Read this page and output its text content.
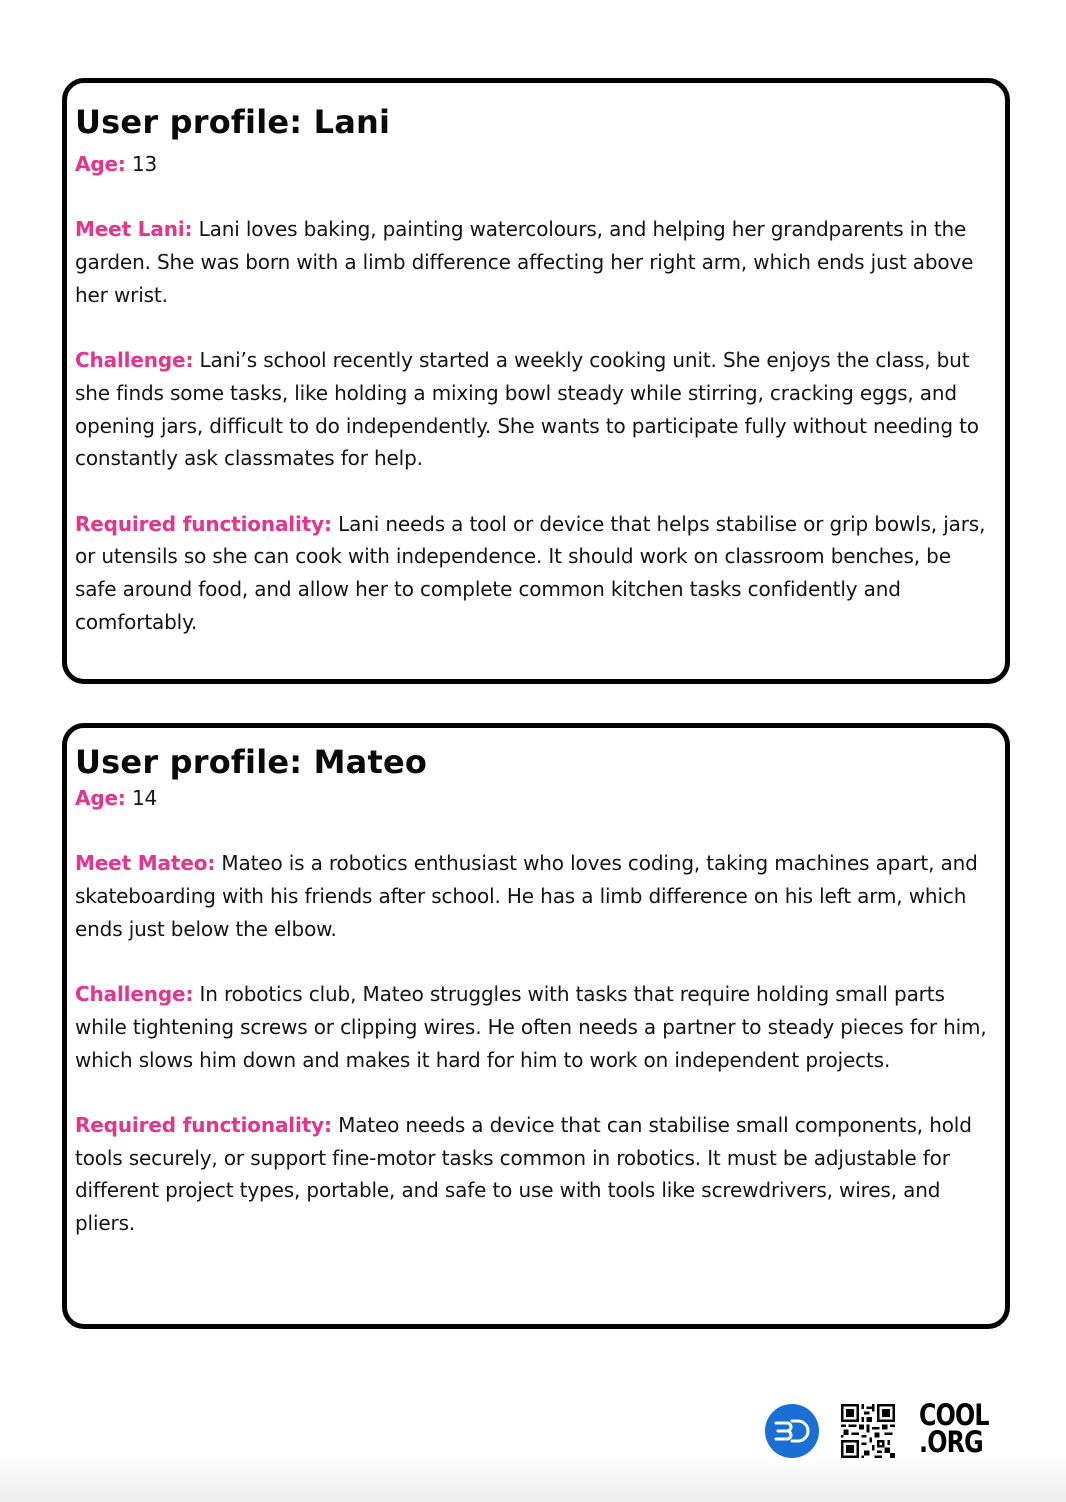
User profile: Lani

Age: 13

Meet Lani: Lani loves baking, painting watercolours, and helping her grandparents in the garden. She was born with a limb difference affecting her right arm, which ends just above her wrist.

Challenge: Lani’s school recently started a weekly cooking unit. She enjoys the class, but she finds some tasks, like holding a mixing bowl steady while stirring, cracking eggs, and opening jars, difficult to do independently. She wants to participate fully without needing to constantly ask classmates for help.

Required functionality: Lani needs a tool or device that helps stabilise or grip bowls, jars, or utensils so she can cook with independence. It should work on classroom benches, be safe around food, and allow her to complete common kitchen tasks confidently and comfortably.

User profile: Mateo

Age: 14

Meet Mateo: Mateo is a robotics enthusiast who loves coding, taking machines apart, and skateboarding with his friends after school. He has a limb difference on his left arm, which ends just below the elbow.

Challenge: In robotics club, Mateo struggles with tasks that require holding small parts while tightening screws or clipping wires. He often needs a partner to steady pieces for him, which slows him down and makes it hard for him to work on independent projects.

Required functionality: Mateo needs a device that can stabilise small components, hold tools securely, or support fine-motor tasks common in robotics. It must be adjustable for different project types, portable, and safe to use with tools like screwdrivers, wires, and pliers.

COOL
.ORG
